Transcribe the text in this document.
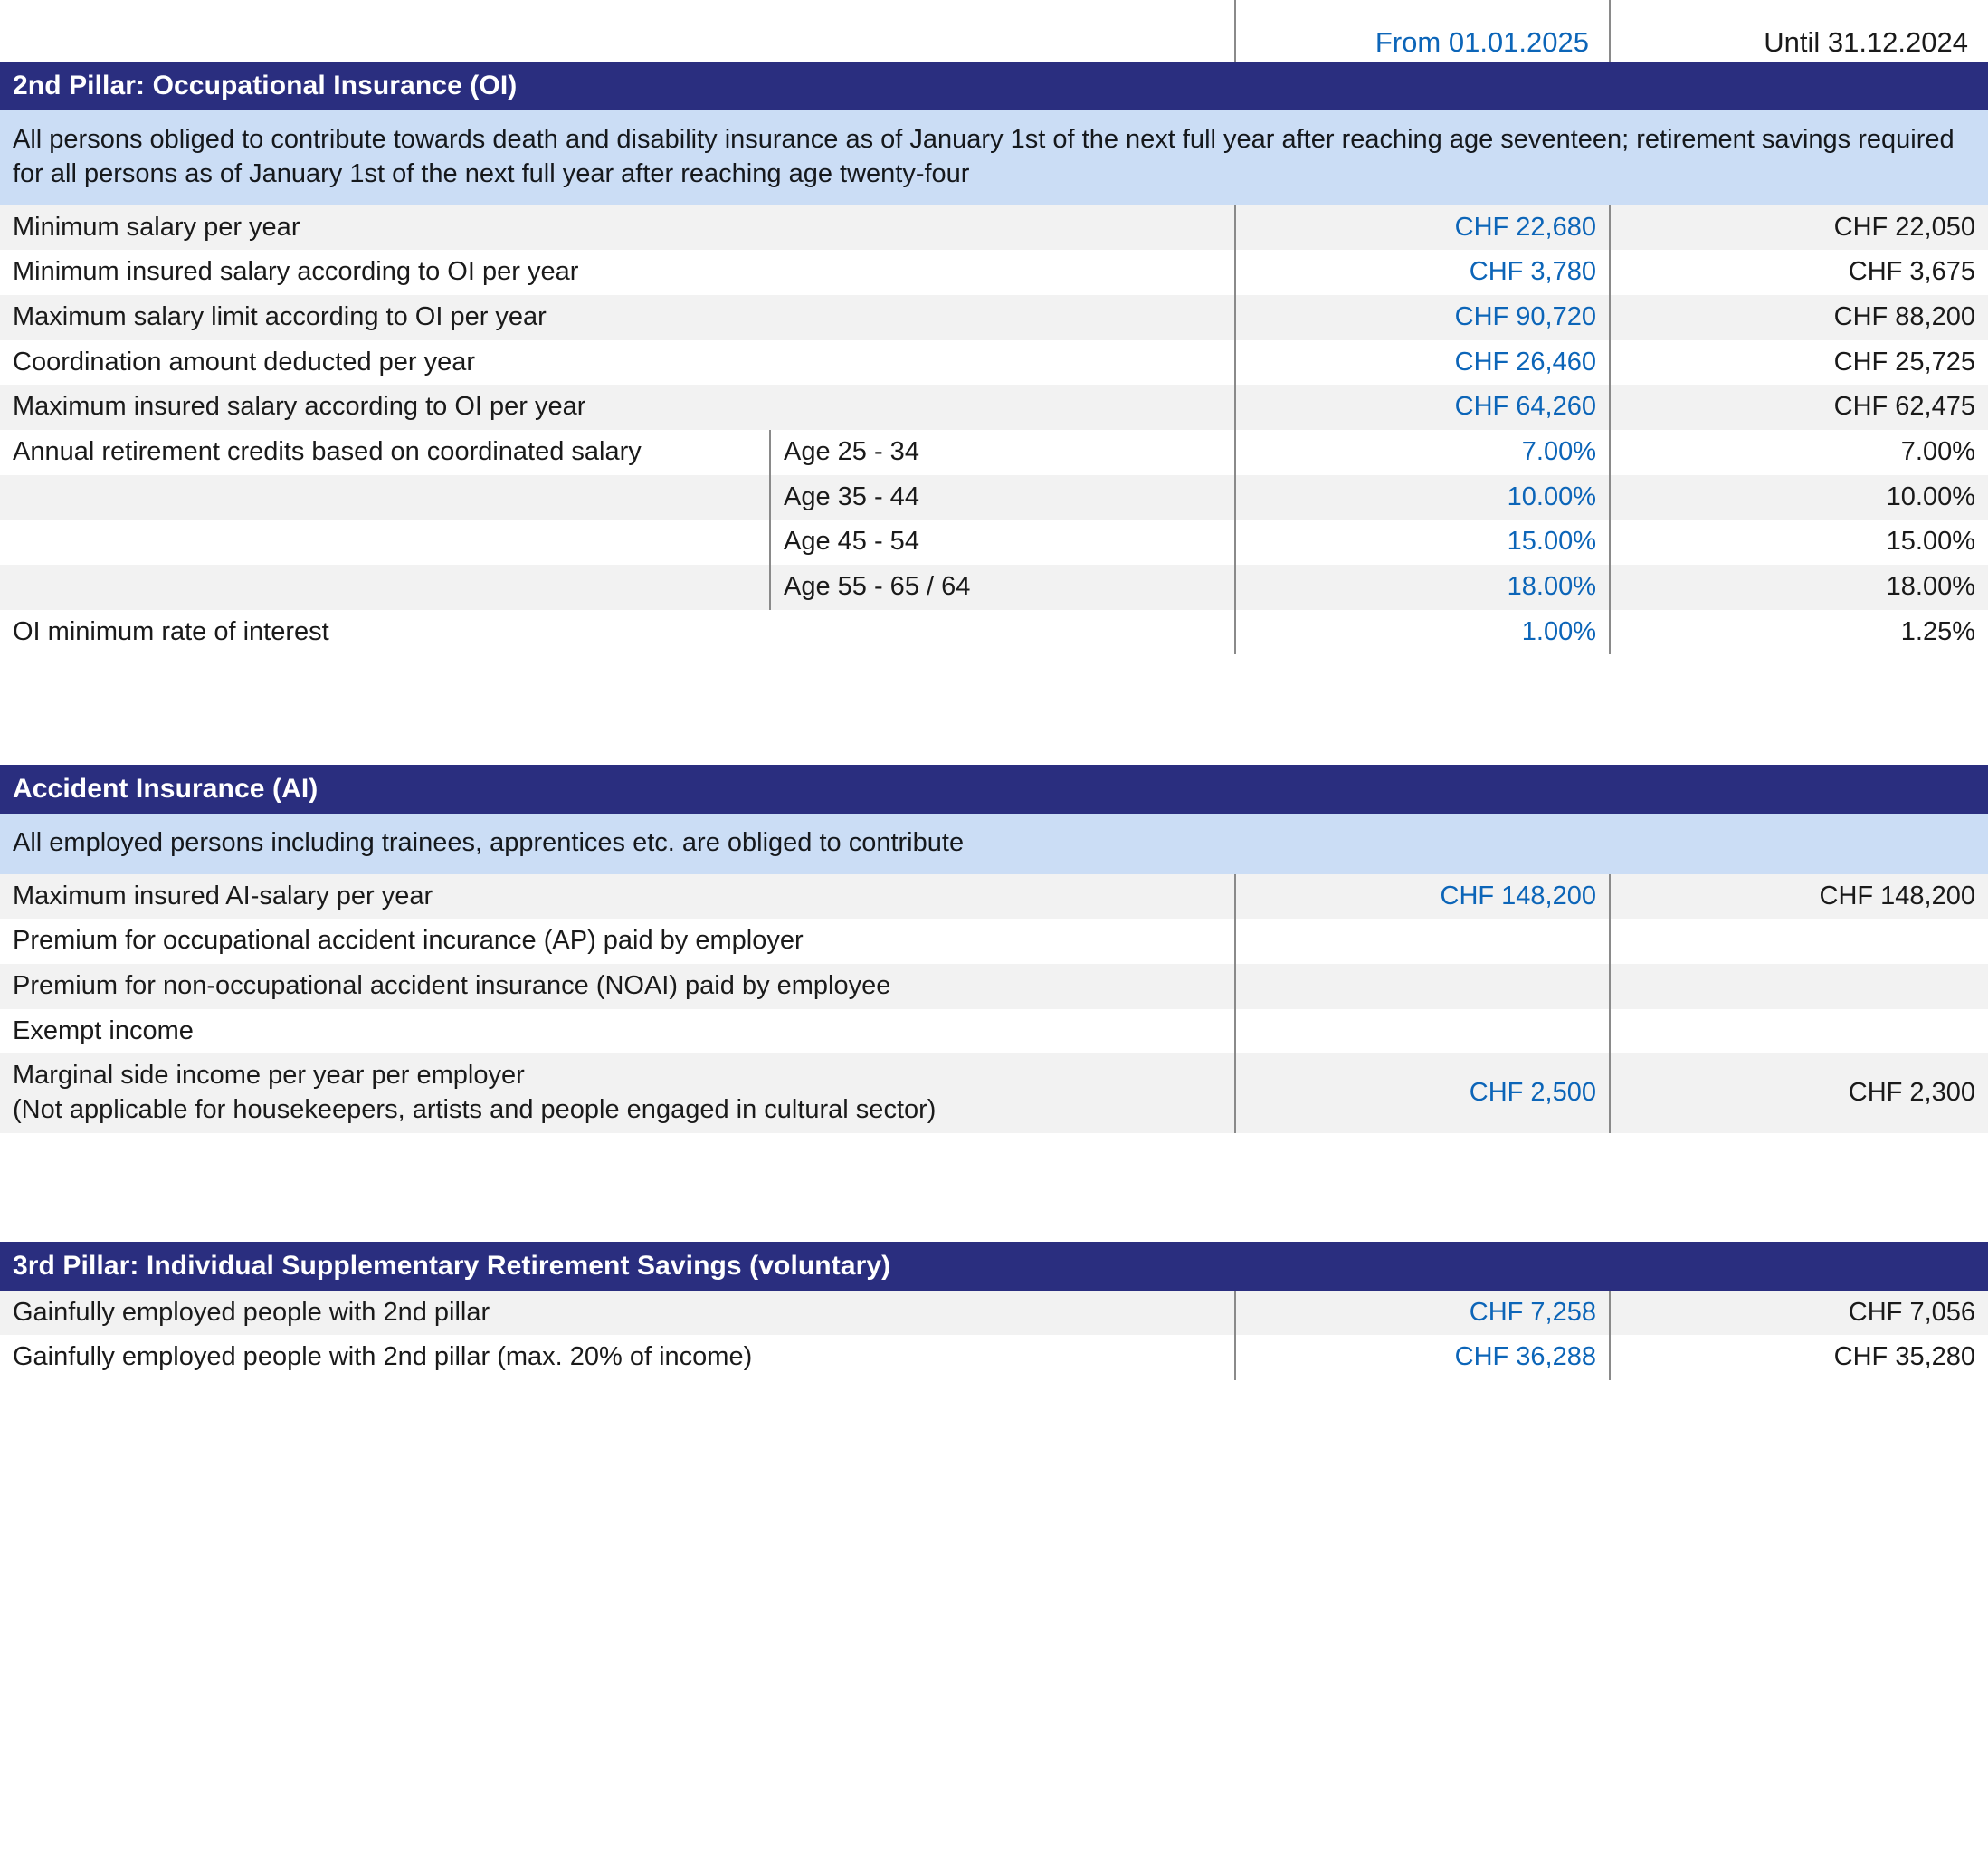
		From 01.01.2025	Until 31.12.2024
2nd Pillar: Occupational Insurance (OI)			
All persons obliged to contribute towards death and disability insurance as of January 1st of the next full year after reaching age seventeen; retirement savings required for all persons as of January 1st of the next full year after reaching age twenty-four			
Minimum salary per year		CHF 22,680	CHF 22,050
Minimum insured salary according to OI per year		CHF 3,780	CHF 3,675
Maximum salary limit according to OI per year		CHF 90,720	CHF 88,200
Coordination amount deducted per year		CHF 26,460	CHF 25,725
Maximum insured salary according to OI per year		CHF 64,260	CHF 62,475
Annual retirement credits based on coordinated salary	Age 25 - 34	7.00%	7.00%
	Age 35 - 44	10.00%	10.00%
	Age 45 - 54	15.00%	15.00%
	Age 55 - 65 / 64	18.00%	18.00%
OI minimum rate of interest		1.00%	1.25%
Accident Insurance (AI)		
All employed persons including trainees, apprentices etc. are obliged to contribute		
Maximum insured AI-salary per year	CHF 148,200	CHF 148,200
Premium for occupational accident incurance (AP) paid by employer		
Premium for non-occupational accident insurance (NOAI) paid by employee		
Exempt income		

Marginal side income per year per employer
(Not applicable for housekeepers, artists and people engaged in cultural sector)	CHF 2,500	CHF 2,300
3rd Pillar: Individual Supplementary Retirement Savings (voluntary)		
Gainfully employed people with 2nd pillar	CHF 7,258	CHF 7,056
Gainfully employed people with 2nd pillar (max. 20% of income)	CHF 36,288	CHF 35,280
